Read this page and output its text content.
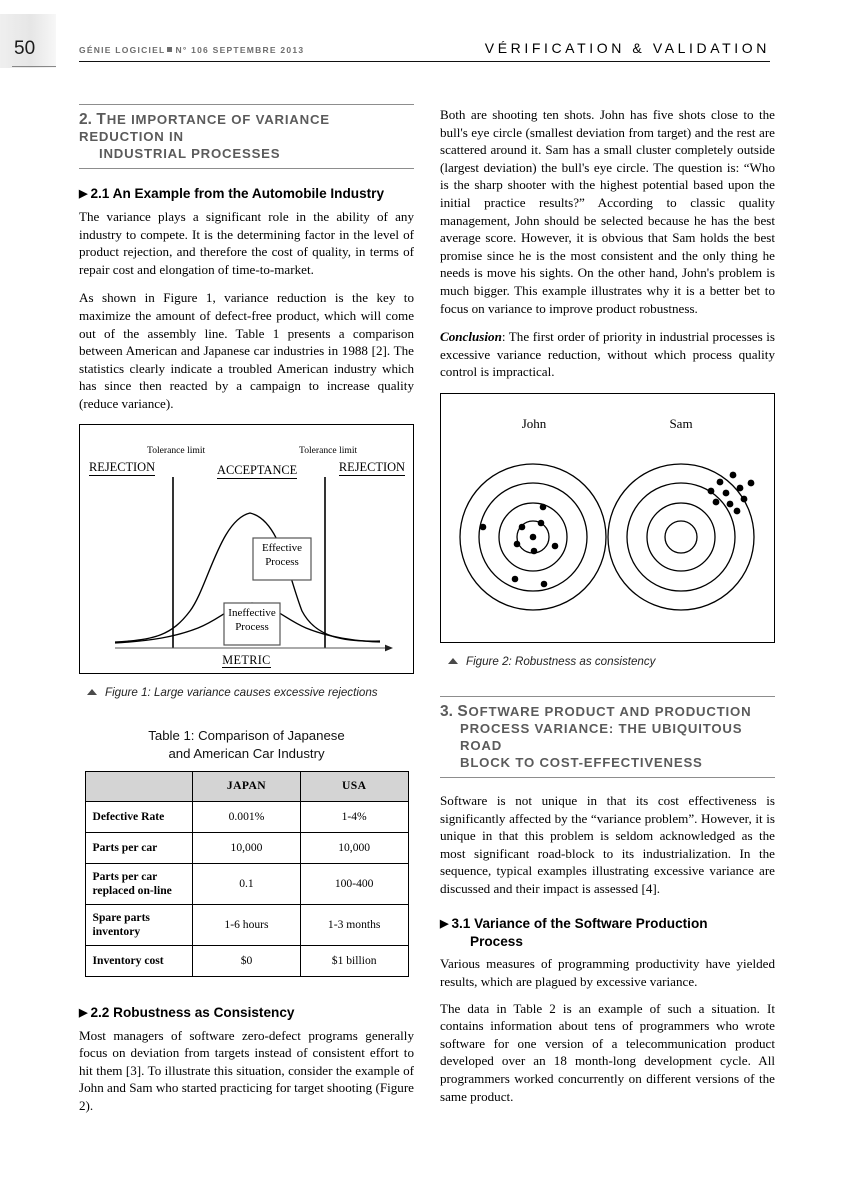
50	GÉNIE LOGICIEL N° 106 SEPTEMBRE 2013	VÉRIFICATION & VALIDATION
2. THE IMPORTANCE OF VARIANCE REDUCTION IN
INDUSTRIAL PROCESSES
▶ 2.1 An Example from the Automobile Industry

The variance plays a significant role in the ability of any industry to compete. It is the determining factor in the level of product rejection, and therefore the cost of quality, in terms of repair cost and elongation of time-to-market.

As shown in Figure 1, variance reduction is the key to maximize the amount of defect-free product, which will come out of the assembly line. Table 1 presents a comparison between American and Japanese car industries in 1988 [2]. The statistics clearly indicate a troubled American industry which has since then reacted by a campaign to increase quality (reduce variance).

Tolerance limit	Tolerance limit
REJECTION	ACCEPTANCE	REJECTION
Effective
Process
Ineffective
Process
METRIC
Figure 1: Large variance causes excessive rejections
Table 1: Comparison of Japanese
and American Car Industry
	JAPAN	USA
Defective Rate	0.001%	1-4%
Parts per car	10,000	10,000
Parts per car replaced on-line	0.1	100-400
Spare parts inventory	1-6 hours	1-3 months
Inventory cost	$0	$1 billion
▶ 2.2 Robustness as Consistency

Most managers of software zero-defect programs generally focus on deviation from targets instead of consistent effort to hit them [3]. To illustrate this situation, consider the example of John and Sam who started practicing for target shooting (Figure 2).

Both are shooting ten shots. John has five shots close to the bull's eye circle (smallest deviation from target) and the rest are scattered around it. Sam has a small cluster completely outside (largest deviation) the bull's eye circle. The question is: “Who is the sharp shooter with the highest potential based upon the initial practice results?” According to classic quality management, John should be selected because he has the best average score. However, it is obvious that Sam holds the best promise since he is the most consistent and the only thing he needs is move his sights. On the other hand, John's problem is much bigger. This example illustrates why it is a better bet to focus on variance to improve product robustness.

Conclusion: The first order of priority in industrial processes is excessive variance reduction, without which process quality control is impractical.

John	Sam
Figure 2: Robustness as consistency
3. SOFTWARE PRODUCT AND PRODUCTION
PROCESS VARIANCE: THE UBIQUITOUS ROAD
BLOCK TO COST-EFFECTIVENESS

Software is not unique in that its cost effectiveness is significantly affected by the “variance problem”. However, it is unique in that this problem is seldom acknowledged as the most significant road-block to its industrialization. In the sequence, typical examples illustrating excessive variance are discussed and their impact is assessed [4].

▶ 3.1 Variance of the Software Production
Process

Various measures of programming productivity have yielded results, which are plagued by excessive variance.

The data in Table 2 is an example of such a situation. It contains information about tens of programmers who wrote software for one version of a telecommunication product developed over an 18 month-long development cycle. All programmers worked concurrently on different versions of the same product.
